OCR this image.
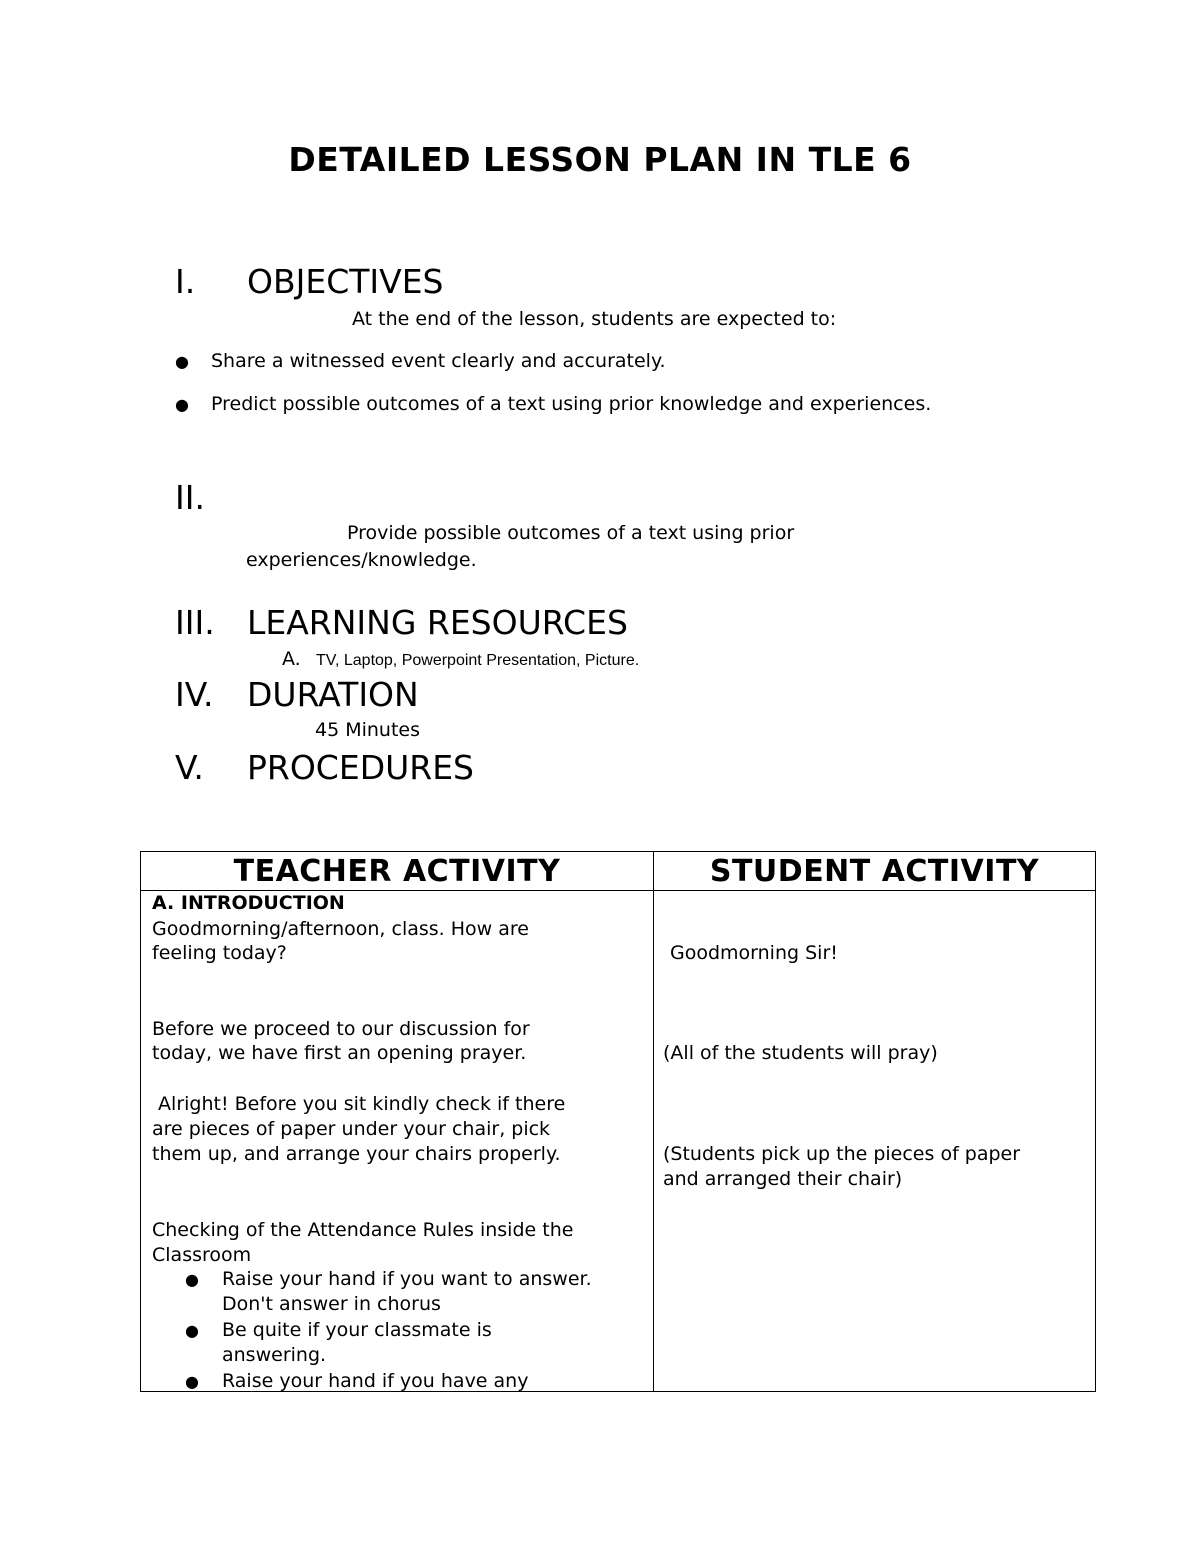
DETAILED LESSON PLAN IN TLE 6
I. OBJECTIVES
At the end of the lesson, students are expected to:
● Share a witnessed event clearly and accurately.
● Predict possible outcomes of a text using prior knowledge and experiences.
II.
Provide possible outcomes of a text using prior
experiences/knowledge.
III. LEARNING RESOURCES
A. TV, Laptop, Powerpoint Presentation, Picture.
IV. DURATION
45 Minutes
V. PROCEDURES
TEACHER ACTIVITY	STUDENT ACTIVITY
A. INTRODUCTION
Goodmorning/afternoon, class. How are
feeling today?
Before we proceed to our discussion for
today, we have first an opening prayer.
Alright! Before you sit kindly check if there
are pieces of paper under your chair, pick
them up, and arrange your chairs properly.
Checking of the Attendance Rules inside the
Classroom
● Raise your hand if you want to answer.
Don't answer in chorus
● Be quite if your classmate is
answering.
● Raise your hand if you have any
Goodmorning Sir!
(All of the students will pray)
(Students pick up the pieces of paper
and arranged their chair)
